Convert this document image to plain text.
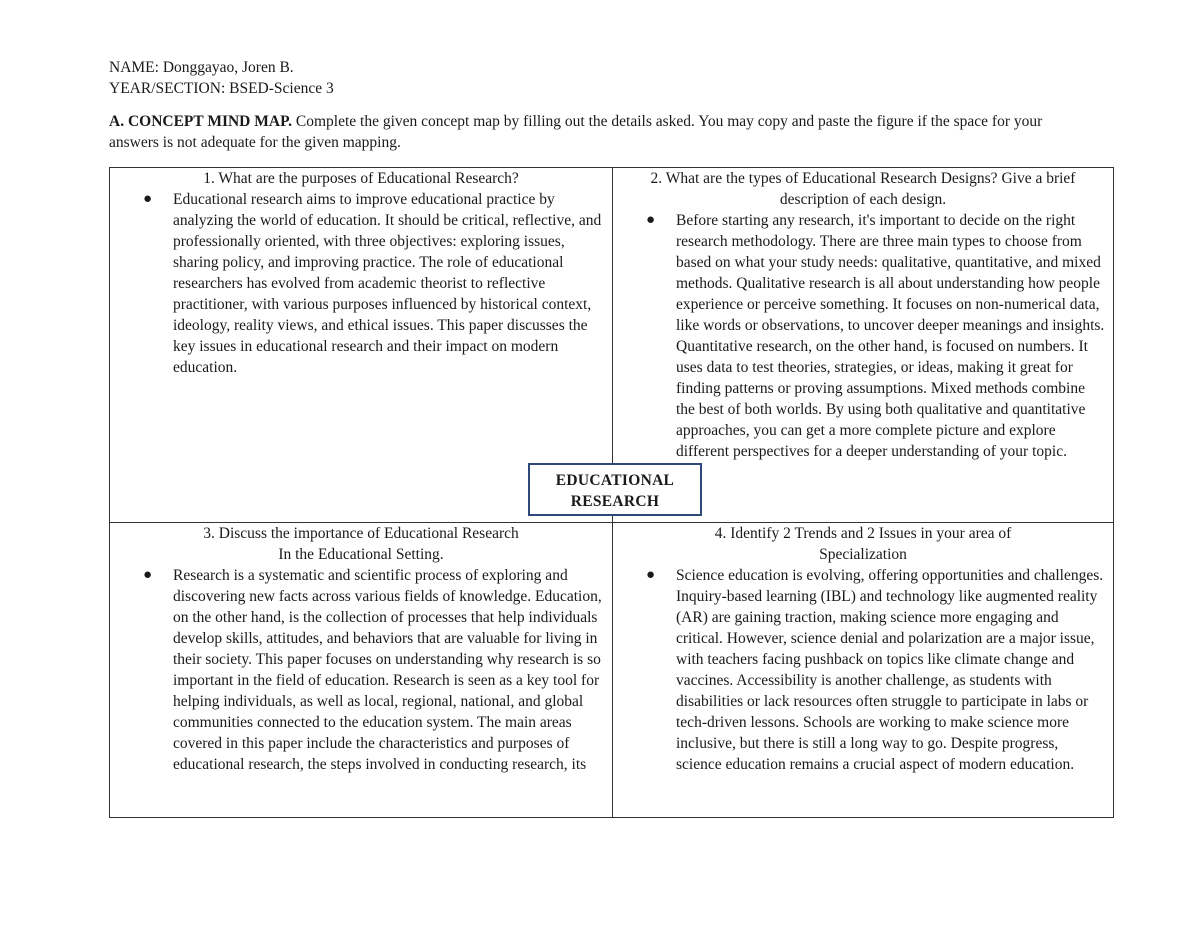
NAME: Donggayao, Joren B.
YEAR/SECTION: BSED-Science 3
A. CONCEPT MIND MAP. Complete the given concept map by filling out the details asked. You may copy and paste the figure if the space for your answers is not adequate for the given mapping.

1. What are the purposes of Educational Research?

● Educational research aims to improve educational practice by analyzing the world of education. It should be critical, reflective, and professionally oriented, with three objectives: exploring issues, sharing policy, and improving practice. The role of educational researchers has evolved from academic theorist to reflective practitioner, with various purposes influenced by historical context, ideology, reality views, and ethical issues. This paper discusses the key issues in educational research and their impact on modern education.

2. What are the types of Educational Research Designs? Give a brief description of each design.

● Before starting any research, it's important to decide on the right research methodology. There are three main types to choose from based on what your study needs: qualitative, quantitative, and mixed methods. Qualitative research is all about understanding how people experience or perceive something. It focuses on non-numerical data, like words or observations, to uncover deeper meanings and insights. Quantitative research, on the other hand, is focused on numbers. It uses data to test theories, strategies, or ideas, making it great for finding patterns or proving assumptions. Mixed methods combine the best of both worlds. By using both qualitative and quantitative approaches, you can get a more complete picture and explore different perspectives for a deeper understanding of your topic.

3. Discuss the importance of Educational Research

In the Educational Setting.

● Research is a systematic and scientific process of exploring and discovering new facts across various fields of knowledge. Education, on the other hand, is the collection of processes that help individuals develop skills, attitudes, and behaviors that are valuable for living in their society. This paper focuses on understanding why research is so important in the field of education. Research is seen as a key tool for helping individuals, as well as local, regional, national, and global communities connected to the education system. The main areas covered in this paper include the characteristics and purposes of educational research, the steps involved in conducting research, its

4. Identify 2 Trends and 2 Issues in your area of

Specialization

● Science education is evolving, offering opportunities and challenges. Inquiry-based learning (IBL) and technology like augmented reality (AR) are gaining traction, making science more engaging and critical. However, science denial and polarization are a major issue, with teachers facing pushback on topics like climate change and vaccines. Accessibility is another challenge, as students with disabilities or lack resources often struggle to participate in labs or tech-driven lessons. Schools are working to make science more inclusive, but there is still a long way to go. Despite progress, science education remains a crucial aspect of modern education.
EDUCATIONAL
RESEARCH
